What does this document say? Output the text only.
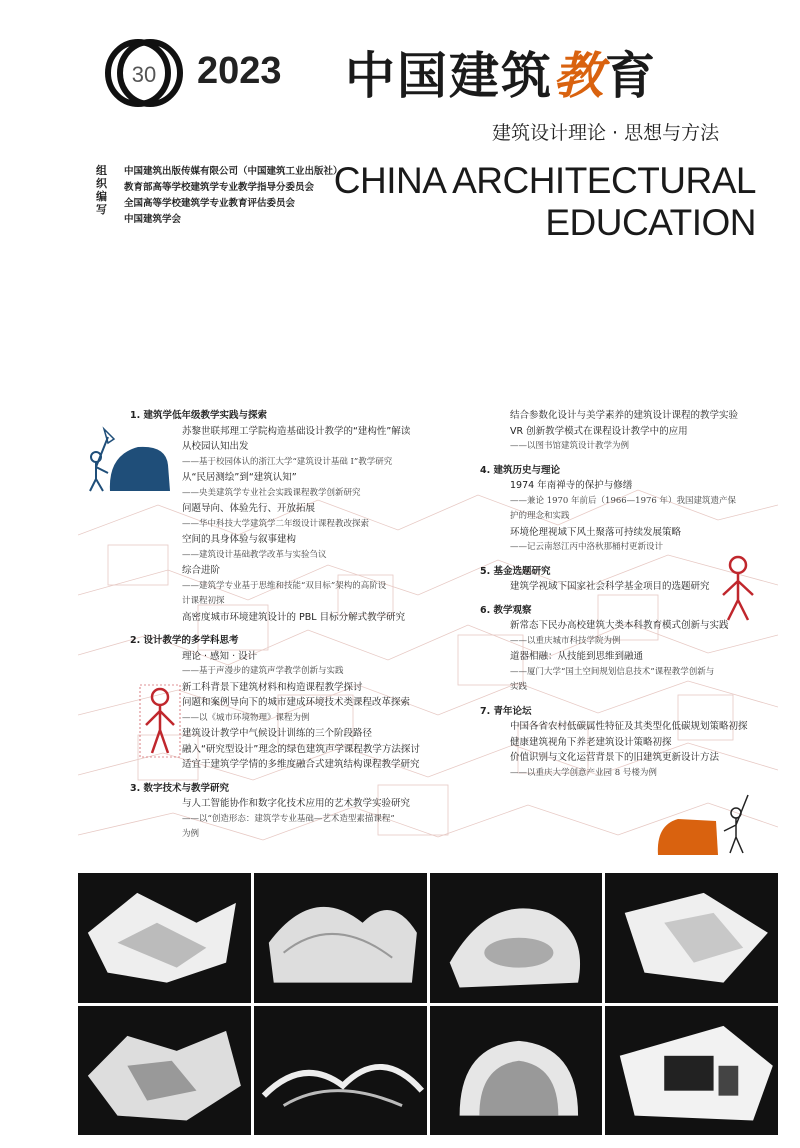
30 2023 中国建筑教育
建筑设计理论 · 思想与方法
组织编写
中国建筑出版传媒有限公司（中国建筑工业出版社）
教育部高等学校建筑学专业教学指导分委员会
全国高等学校建筑学专业教育评估委员会
中国建筑学会
CHINA ARCHITECTURAL
EDUCATION
1. 建筑学低年级教学实践与探索
苏黎世联邦理工学院构造基础设计教学的“建构性”解读
从校园认知出发
——基于校园体认的浙江大学“建筑设计基础 I”教学研究
从“民居测绘”到“建筑认知”
——央美建筑学专业社会实践课程教学创新研究
问题导向、体验先行、开放拓展
——华中科技大学建筑学二年级设计课程教改探索
空间的具身体验与叙事建构
——建筑设计基础教学改革与实验刍议
综合进阶
——建筑学专业基于思维和技能“双目标”架构的高阶设
计课程初探
高密度城市环境建筑设计的 PBL 目标分解式教学研究
2. 设计教学的多学科思考
理论 · 感知 · 设计
——基于声漫步的建筑声学教学创新与实践
新工科背景下建筑材料和构造课程教学探讨
问题和案例导向下的城市建成环境技术类课程改革探索
——以《城市环境物理》课程为例
建筑设计教学中气候设计训练的三个阶段路径
融入“研究型设计”理念的绿色建筑声学课程教学方法探讨
适宜于建筑学学情的多维度融合式建筑结构课程教学研究
3. 数字技术与教学研究
与人工智能协作和数字化技术应用的艺术教学实验研究
——以“创造形态：建筑学专业基础—艺术造型素描课程”
为例
结合参数化设计与美学素养的建筑设计课程的教学实验
VR 创新教学模式在课程设计教学中的应用
——以图书馆建筑设计教学为例
4. 建筑历史与理论
1974 年南禅寺的保护与修缮
——兼论 1970 年前后（1966—1976 年）我国建筑遗产保
护的理念和实践
环境伦理视域下风土聚落可持续发展策略
——记云南怒江丙中洛秋那桶村更新设计
5. 基金选题研究
建筑学视域下国家社会科学基金项目的选题研究
6. 教学观察
新常态下民办高校建筑大类本科教育模式创新与实践
——以重庆城市科技学院为例
道器相融：从技能到思维到融通
——厦门大学“国土空间规划信息技术”课程教学创新与
实践
7. 青年论坛
中国各省农村低碳属性特征及其类型化低碳规划策略初探
健康建筑视角下养老建筑设计策略初探
价值识别与文化运营背景下的旧建筑更新设计方法
——以重庆大学创意产业园 8 号楼为例
